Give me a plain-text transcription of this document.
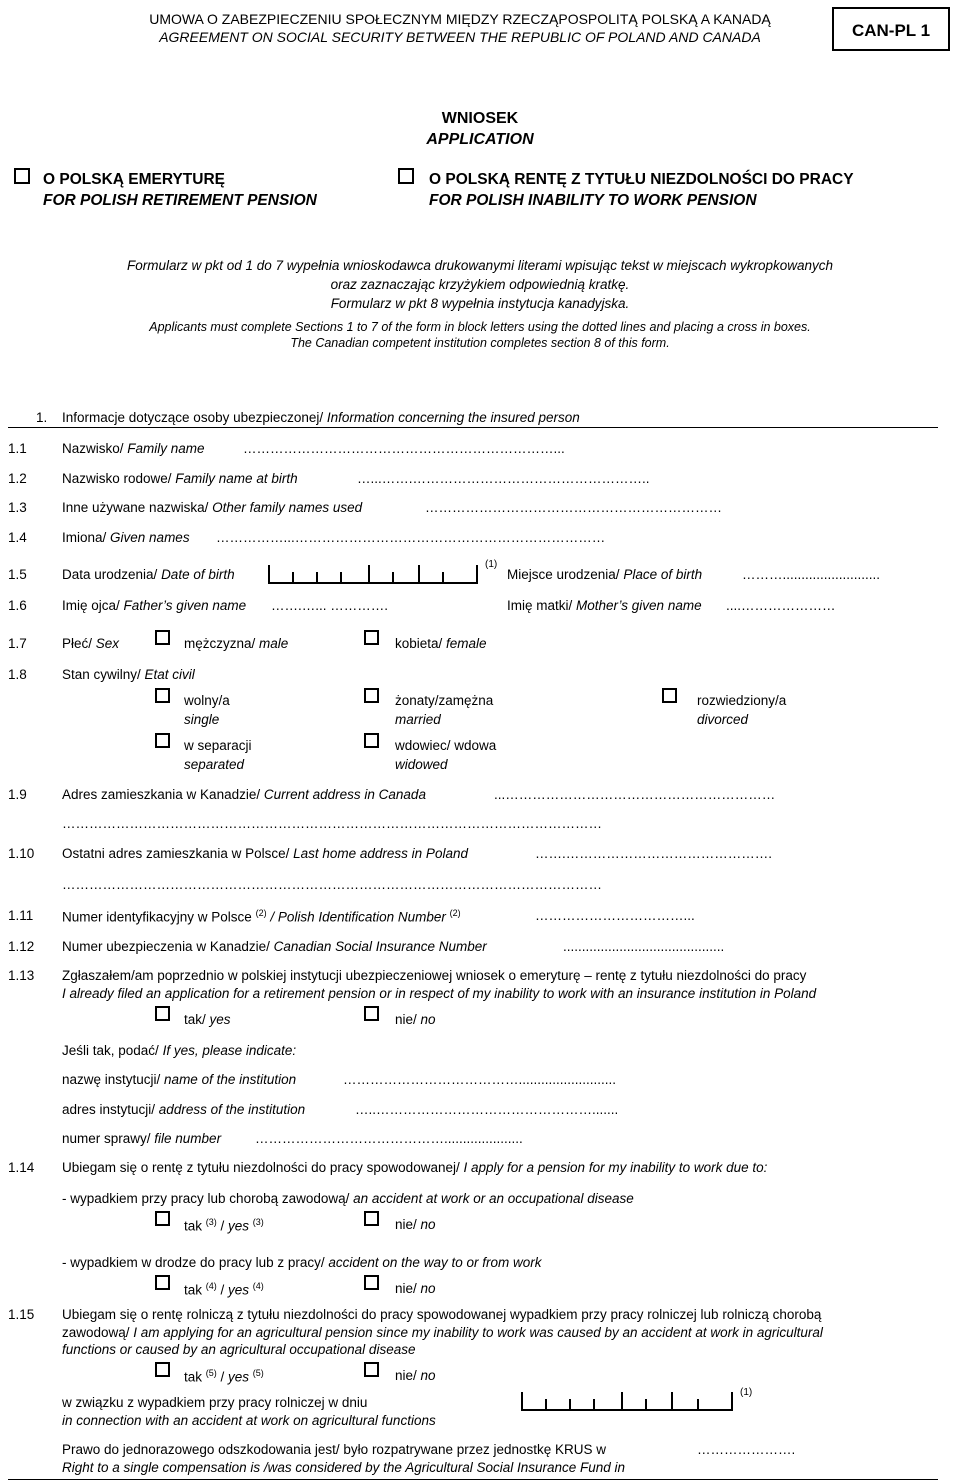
UMOWA O ZABEZPIECZENIU SPOŁECZNYM MIĘDZY RZECZĄPOSPOLITĄ POLSKĄ A KANADĄ
AGREEMENT ON SOCIAL SECURITY BETWEEN THE REPUBLIC OF POLAND AND CANADA	CAN-PL 1
WNIOSEK
APPLICATION
O POLSKĄ EMERYTURĘ
FOR POLISH RETIREMENT PENSION
O POLSKĄ RENTĘ Z TYTUŁU NIEZDOLNOŚCI DO PRACY
FOR POLISH INABILITY TO WORK PENSION
Formularz w pkt od 1 do 7 wypełnia wnioskodawca drukowanymi literami wpisując tekst w miejscach wykropkowanych
oraz zaznaczając krzyżykiem odpowiednią kratkę.
Formularz w pkt 8 wypełnia instytucja kanadyjska.
Applicants must complete Sections 1 to 7 of the form in block letters using the dotted lines and placing a cross in boxes.
The Canadian competent institution completes section 8 of this form.
1. Informacje dotyczące osoby ubezpieczonej/ Information concerning the insured person
1.1	Nazwisko/ Family name	……………………………………………………………...
1.2	Nazwisko rodowe/ Family name at birth	…...…….……………………………………………..
1.3	Inne używane nazwiska/ Other family names used	…………………………………………………………
1.4	Imiona/ Given names ……………...……………………………………………………………
1.5	Data urodzenia/ Date of birth
(1)
Miejsce urodzenia/ Place of birth	………..........................
1.6	Imię ojca/ Father’s given name …….…... ………….	Imię matki/ Mother’s given name ....…………………
1.7	Płeć/ Sex	mężczyzna/ male	kobieta/ female
1.8	Stan cywilny/ Etat civil
wolny/a
single
żonaty/zamężna
married
rozwiedziony/a
divorced
w separacji
separated
wdowiec/ wdowa
widowed
1.9	Adres zamieszkania w Kanadzie/ Current address in Canada	...……………………………………………………
…………………………………………………………………………………………………………
1.10 Ostatni adres zamieszkania w Polsce/ Last home address in Poland	…….……………………………………….
…………………………………………………………………………………………………………
1.11 Numer identyfikacyjny w Polsce $^{(2)}$ / Polish Identification Number $^{(2)}$	……………………………...
1.12 Numer ubezpieczenia w Kanadzie/ Canadian Social Insurance Number	...........................................
1.13 Zgłaszałem/am poprzednio w polskiej instytucji ubezpieczeniowej wniosek o emeryturę – rentę z tytułu niezdolności do pracy
I already filed an application for a retirement pension or in respect of my inability to work with an insurance institution in Poland
tak/ yes	nie/ no
Jeśli tak, podać/ If yes, please indicate:
nazwę instytucji/ name of the institution	…………………………………..........................
adres instytucji/ address of the institution	…..………………………………………….......
numer sprawy/ file number	…………………………………….....................
1.14 Ubiegam się o rentę z tytułu niezdolności do pracy spowodowanej/ I apply for a pension for my inability to work due to:
- wypadkiem przy pracy lub chorobą zawodową/ an accident at work or an occupational disease
tak $^{(3)}$ / yes $^{(3)}$	nie/ no
- wypadkiem w drodze do pracy lub z pracy/ accident on the way to or from work
tak $^{(4)}$ / yes $^{(4)}$	nie/ no
1.15 Ubiegam się o rentę rolniczą z tytułu niezdolności do pracy spowodowanej wypadkiem przy pracy rolniczej lub rolniczą chorobą
zawodową/ I am applying for an agricultural pension since my inability to work was caused by an accident at work in agricultural
functions or caused by an agricultural occupational disease
tak $^{(5)}$ / yes $^{(5)}$	nie/ no
w związku z wypadkiem przy pracy rolniczej w dniu
in connection with an accident at work on agricultural functions
(1)
Prawo do jednorazowego odszkodowania jest/ było rozpatrywane przez jednostkę KRUS w	………………….
Right to a single compensation is /was considered by the Agricultural Social Insurance Fund in
